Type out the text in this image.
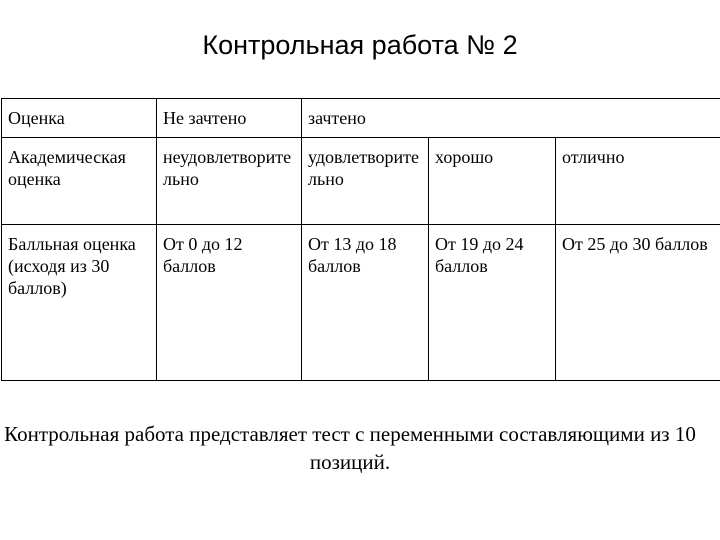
Контрольная работа № 2
Оценка	Не зачтено	зачтено		
Академическая оценка	неудовлетворительно	удовлетворительно	хорошо	отлично
Балльная оценка (исходя из 30 баллов)	От 0 до 12 баллов	От 13 до 18 баллов	От 19 до 24 баллов	От 25 до 30 баллов
Контрольная работа представляет тест с переменными составляющими из 10 позиций.
